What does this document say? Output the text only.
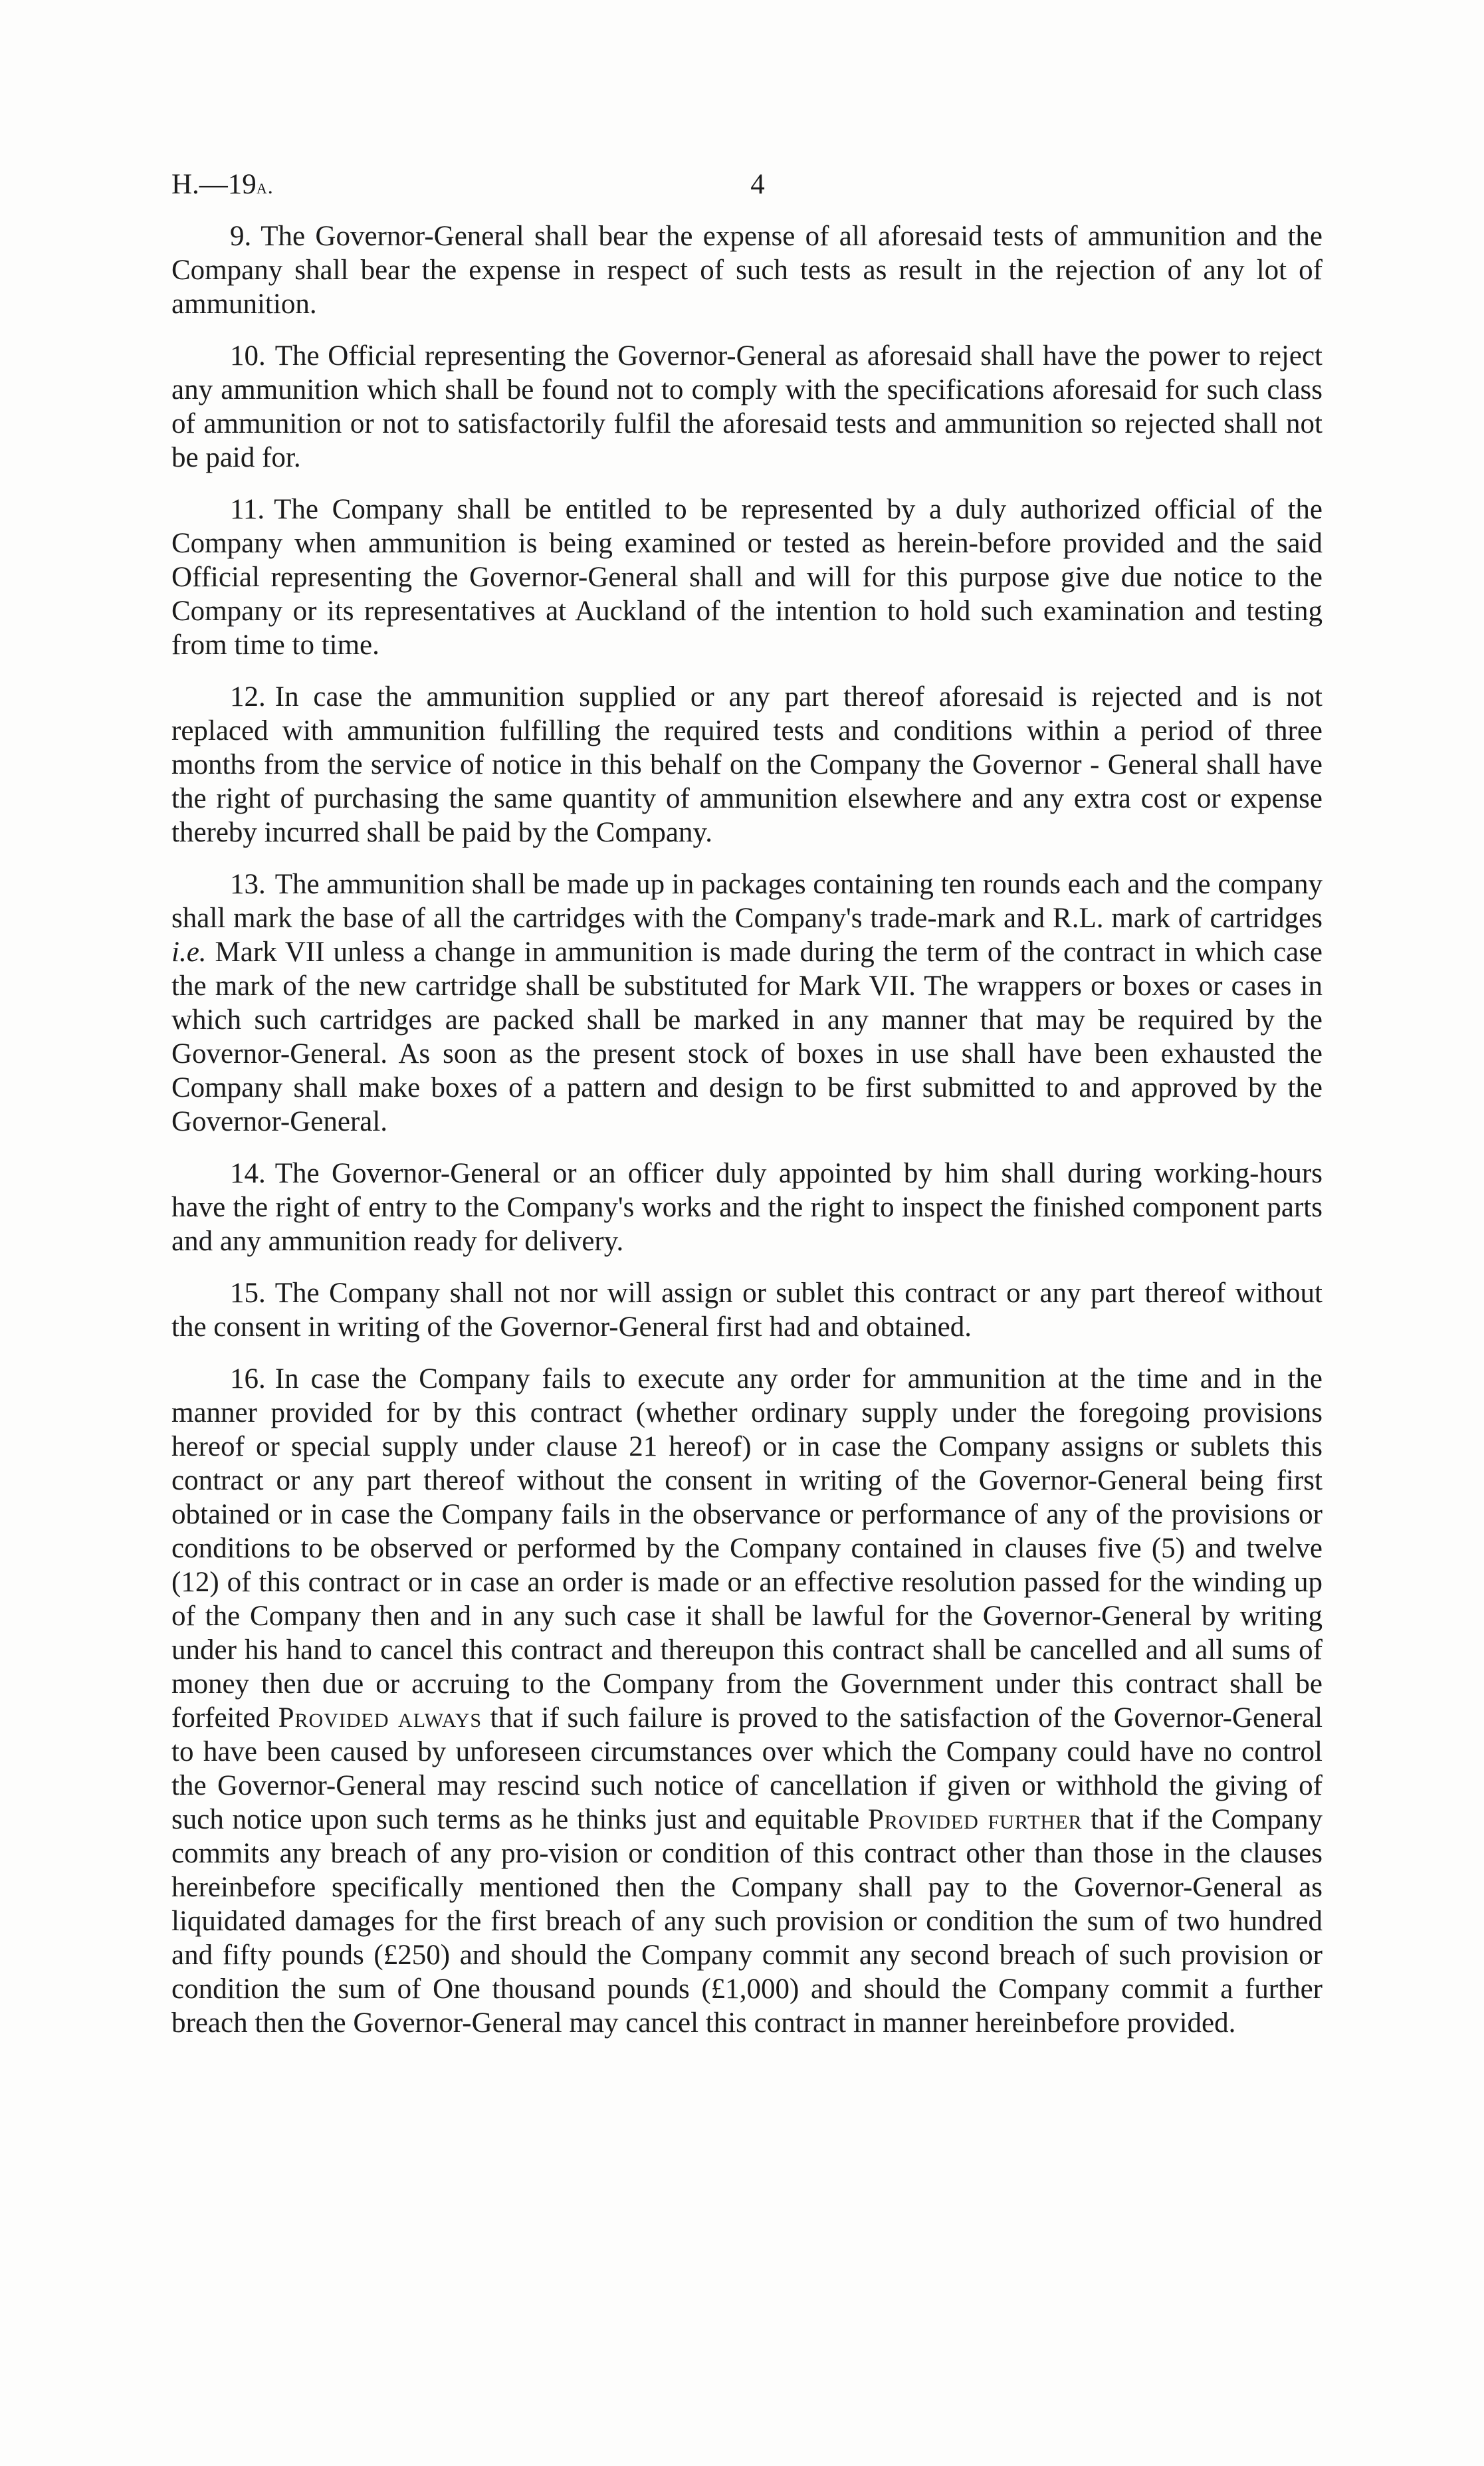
H.—19a.	4

9. The Governor-General shall bear the expense of all aforesaid tests of ammunition and the Company shall bear the expense in respect of such tests as result in the rejection of any lot of ammunition.

10. The Official representing the Governor-General as aforesaid shall have the power to reject any ammunition which shall be found not to comply with the specifications aforesaid for such class of ammunition or not to satisfactorily fulfil the aforesaid tests and ammunition so rejected shall not be paid for.

11. The Company shall be entitled to be represented by a duly authorized official of the Company when ammunition is being examined or tested as herein-before provided and the said Official representing the Governor-General shall and will for this purpose give due notice to the Company or its representatives at Auckland of the intention to hold such examination and testing from time to time.

12. In case the ammunition supplied or any part thereof aforesaid is rejected and is not replaced with ammunition fulfilling the required tests and conditions within a period of three months from the service of notice in this behalf on the Company the Governor - General shall have the right of purchasing the same quantity of ammunition elsewhere and any extra cost or expense thereby incurred shall be paid by the Company.

13. The ammunition shall be made up in packages containing ten rounds each and the company shall mark the base of all the cartridges with the Company's trade-mark and R.L. mark of cartridges i.e. Mark VII unless a change in ammunition is made during the term of the contract in which case the mark of the new cartridge shall be substituted for Mark VII. The wrappers or boxes or cases in which such cartridges are packed shall be marked in any manner that may be required by the Governor-General. As soon as the present stock of boxes in use shall have been exhausted the Company shall make boxes of a pattern and design to be first submitted to and approved by the Governor-General.

14. The Governor-General or an officer duly appointed by him shall during working-hours have the right of entry to the Company's works and the right to inspect the finished component parts and any ammunition ready for delivery.

15. The Company shall not nor will assign or sublet this contract or any part thereof without the consent in writing of the Governor-General first had and obtained.

16. In case the Company fails to execute any order for ammunition at the time and in the manner provided for by this contract (whether ordinary supply under the foregoing provisions hereof or special supply under clause 21 hereof) or in case the Company assigns or sublets this contract or any part thereof without the consent in writing of the Governor-General being first obtained or in case the Company fails in the observance or performance of any of the provisions or conditions to be observed or performed by the Company contained in clauses five (5) and twelve (12) of this contract or in case an order is made or an effective resolution passed for the winding up of the Company then and in any such case it shall be lawful for the Governor-General by writing under his hand to cancel this contract and thereupon this contract shall be cancelled and all sums of money then due or accruing to the Company from the Government under this contract shall be forfeited Provided always that if such failure is proved to the satisfaction of the Governor-General to have been caused by unforeseen circumstances over which the Company could have no control the Governor-General may rescind such notice of cancellation if given or withhold the giving of such notice upon such terms as he thinks just and equitable Provided further that if the Company commits any breach of any pro-vision or condition of this contract other than those in the clauses hereinbefore specifically mentioned then the Company shall pay to the Governor-General as liquidated damages for the first breach of any such provision or condition the sum of two hundred and fifty pounds (£250) and should the Company commit any second breach of such provision or condition the sum of One thousand pounds (£1,000) and should the Company commit a further breach then the Governor-General may cancel this contract in manner hereinbefore provided.
